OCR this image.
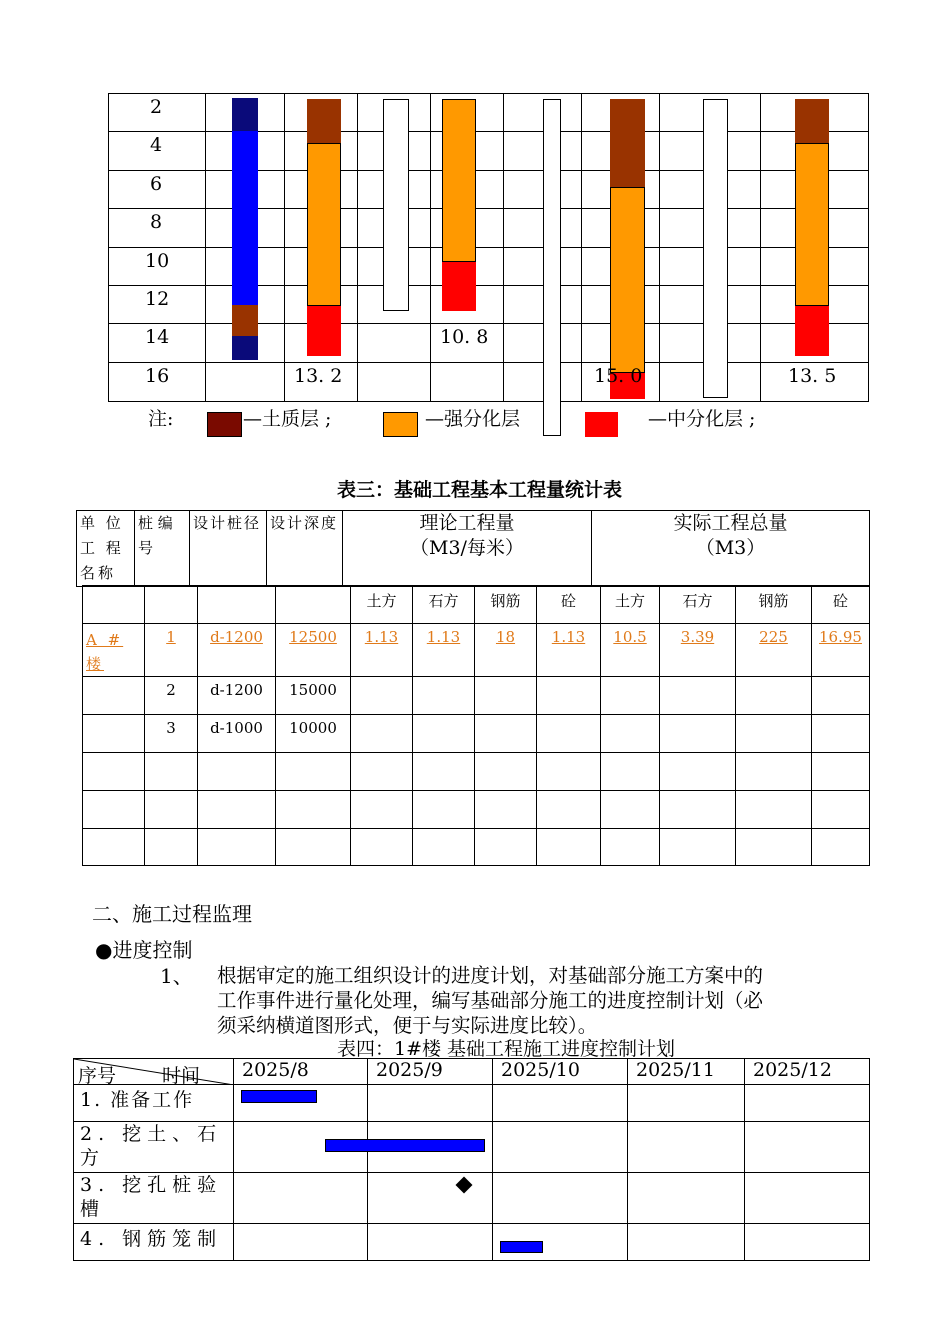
2
4
6
8
10
12
14
16	13. 2
10. 8
15. 0	13. 5
注:	—土质层 ;	—强分化层	—中分化层 ;
表三：基础工程基本工程量统计表
单 位 工 程 名称	桩 编 号	设计桩径	设计深度	理论工程量（M3/每米）	实际工程总量（M3）
				土方	石方	钢筋	砼	土方	石方	钢筋	砼
A # 楼	1	d-1200	12500	1.13	1.13	18	1.13	10.5	3.39	225	16.95
	2	d-1200	15000								
	3	d-1000	10000								

二、施工过程监理
●进度控制
1、 根据审定的施工组织设计的进度计划，对基础部分施工方案中的
工作事件进行量化处理，编写基础部分施工的进度控制计划（必
须采纳横道图形式，便于与实际进度比较）。
表四：1#楼 基础工程施工进度控制计划
序号 时间	2025/8	2025/9	2025/10	2025/11	2025/12
1. 准备工作					
2. 挖土、石方					
3. 挖孔桩验槽					
4. 钢筋笼制					
